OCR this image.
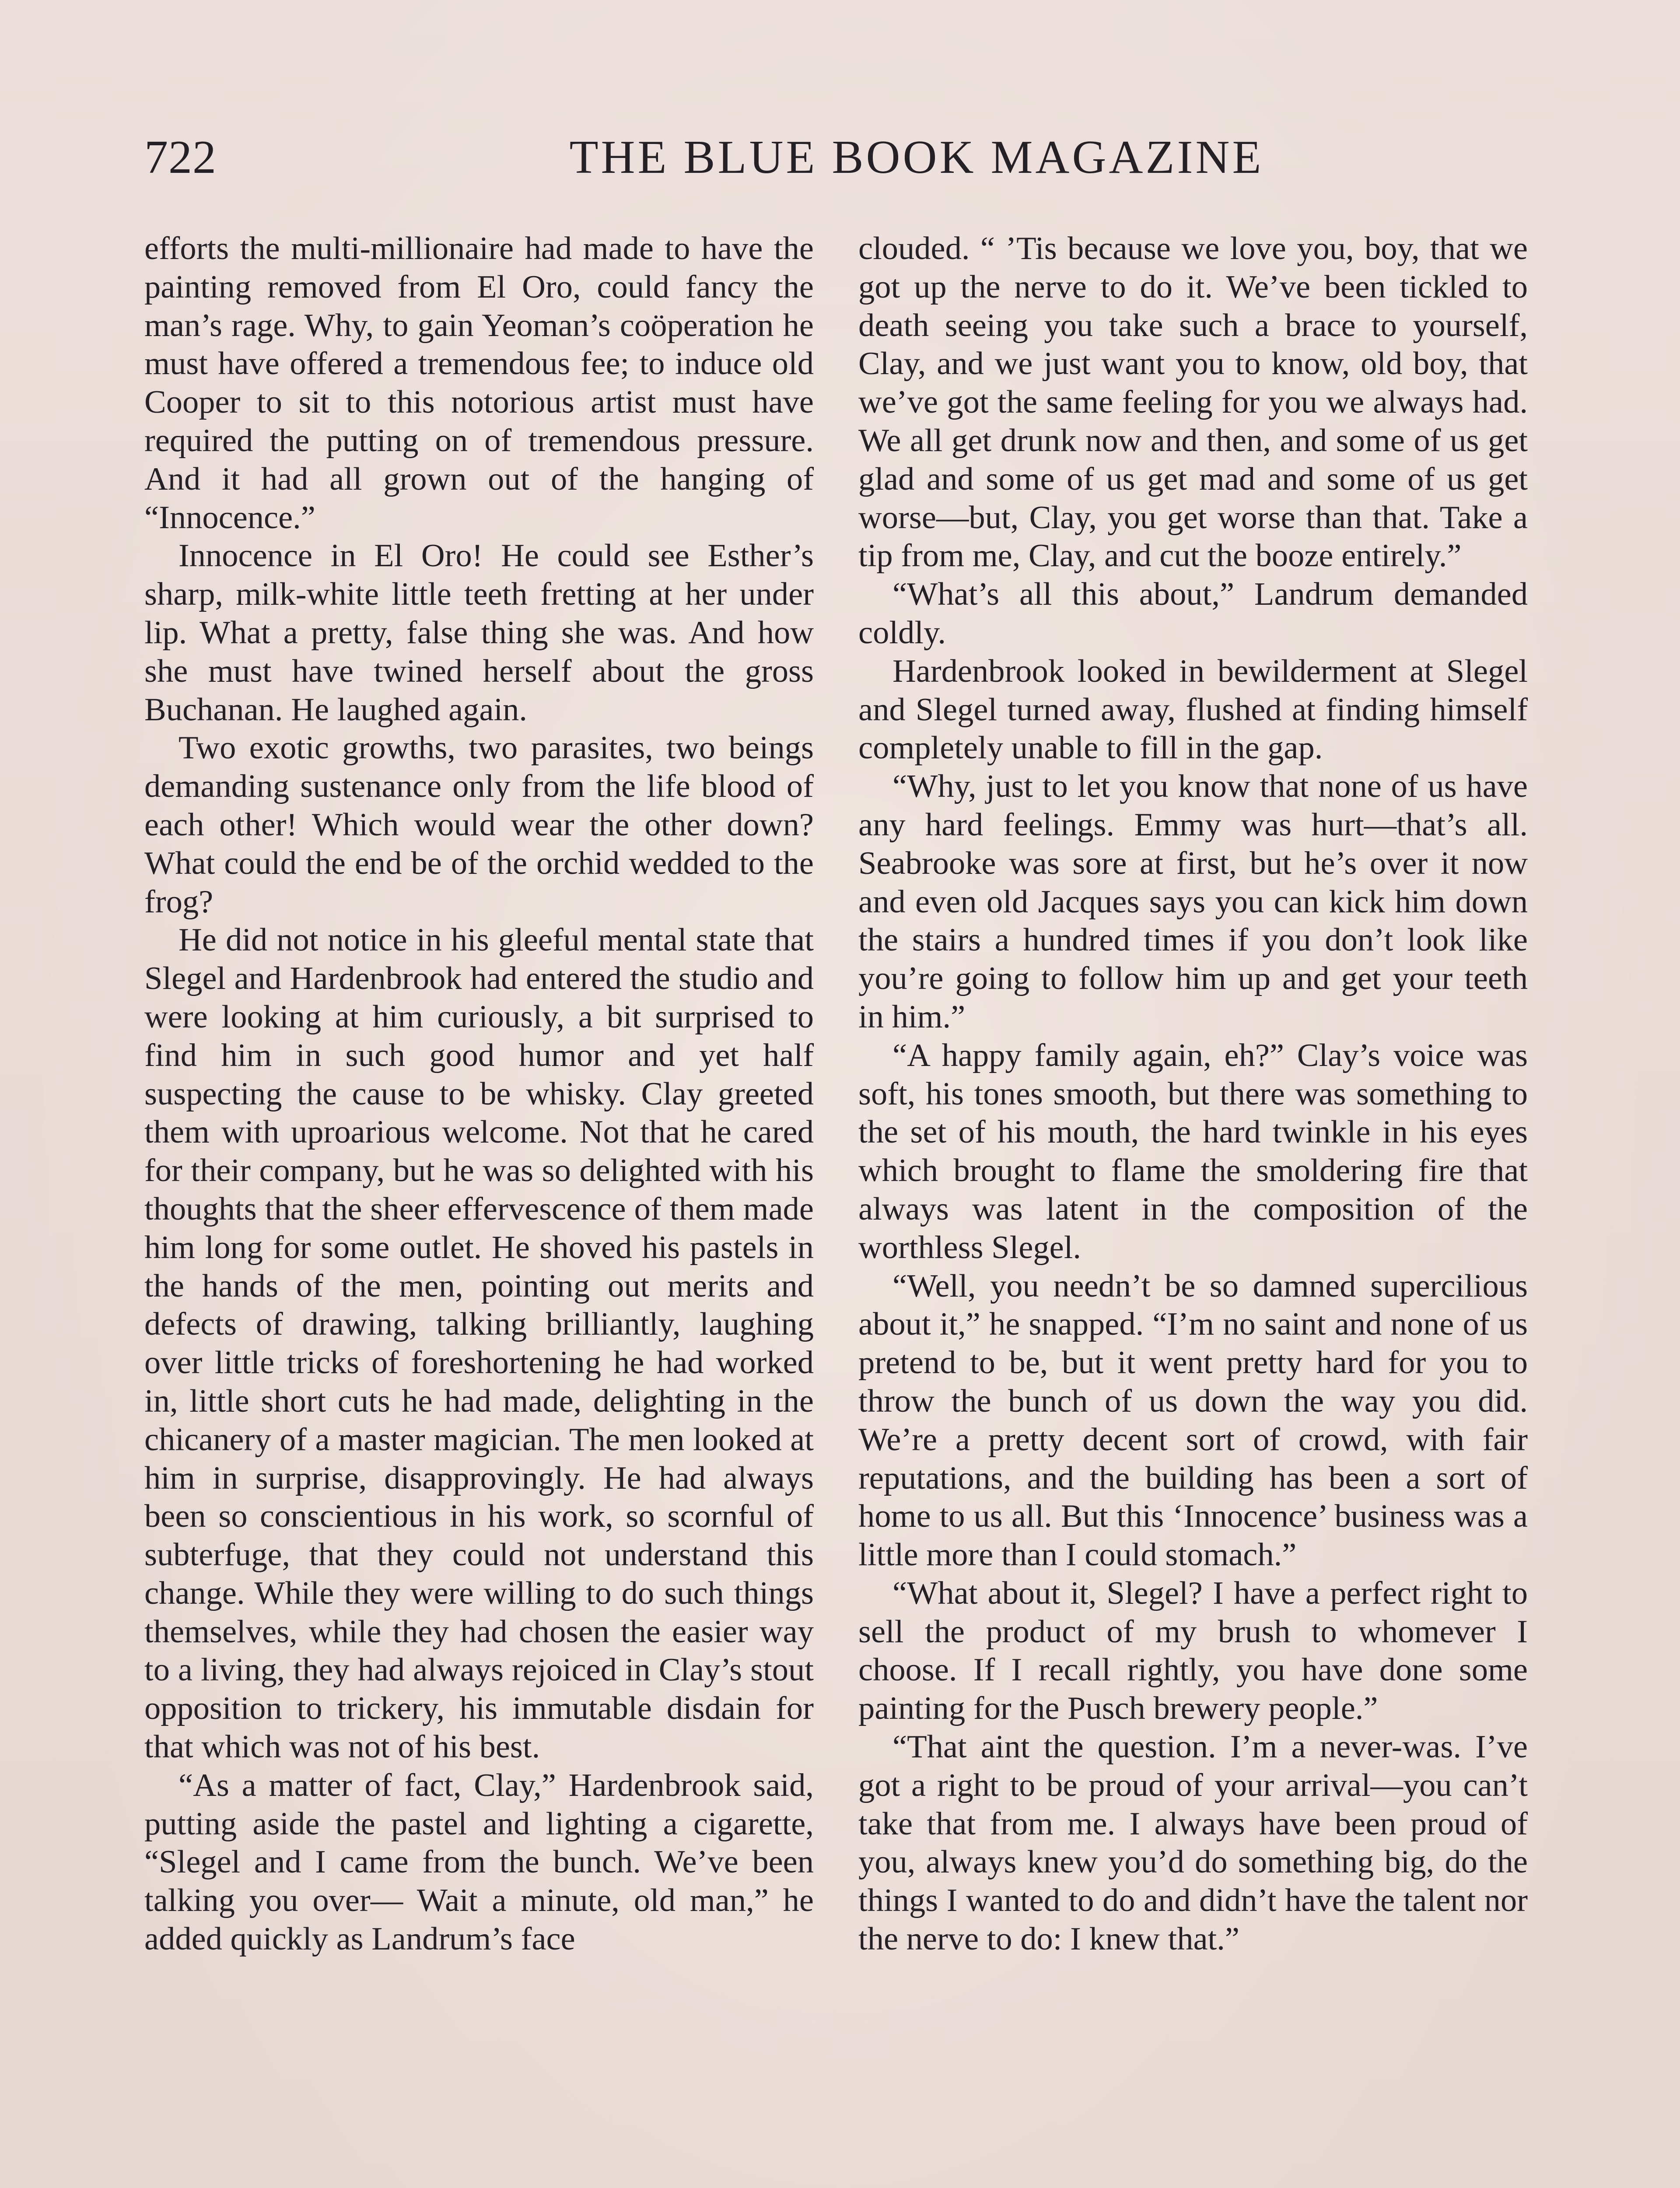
722	THE BLUE BOOK MAGAZINE

efforts the multi-millionaire had made to have the painting removed from El Oro, could fancy the man’s rage. Why, to gain Yeoman’s coöperation he must have offered a tremendous fee; to induce old Cooper to sit to this notorious artist must have required the putting on of tremendous pressure. And it had all grown out of the hanging of “Innocence.”

Innocence in El Oro! He could see Esther’s sharp, milk-white little teeth fretting at her under lip. What a pretty, false thing she was. And how she must have twined herself about the gross Buchanan. He laughed again.

Two exotic growths, two parasites, two beings demanding sustenance only from the life blood of each other! Which would wear the other down? What could the end be of the orchid wedded to the frog?

He did not notice in his gleeful mental state that Slegel and Hardenbrook had entered the studio and were looking at him curiously, a bit surprised to find him in such good humor and yet half suspecting the cause to be whisky. Clay greeted them with uproarious welcome. Not that he cared for their company, but he was so delighted with his thoughts that the sheer effervescence of them made him long for some outlet. He shoved his pastels in the hands of the men, pointing out merits and defects of drawing, talking brilliantly, laughing over little tricks of foreshortening he had worked in, little short cuts he had made, delighting in the chicanery of a master magician. The men looked at him in surprise, disapprovingly. He had always been so conscientious in his work, so scornful of subterfuge, that they could not understand this change. While they were willing to do such things themselves, while they had chosen the easier way to a living, they had always rejoiced in Clay’s stout opposition to trickery, his immutable disdain for that which was not of his best.

“As a matter of fact, Clay,” Hardenbrook said, putting aside the pastel and lighting a cigarette, “Slegel and I came from the bunch. We’ve been talking you over— Wait a minute, old man,” he added quickly as Landrum’s face

clouded. “ ’Tis because we love you, boy, that we got up the nerve to do it. We’ve been tickled to death seeing you take such a brace to yourself, Clay, and we just want you to know, old boy, that we’ve got the same feeling for you we always had. We all get drunk now and then, and some of us get glad and some of us get mad and some of us get worse—but, Clay, you get worse than that. Take a tip from me, Clay, and cut the booze entirely.”

“What’s all this about,” Landrum demanded coldly.

Hardenbrook looked in bewilderment at Slegel and Slegel turned away, flushed at finding himself completely unable to fill in the gap.

“Why, just to let you know that none of us have any hard feelings. Emmy was hurt—that’s all. Seabrooke was sore at first, but he’s over it now and even old Jacques says you can kick him down the stairs a hundred times if you don’t look like you’re going to follow him up and get your teeth in him.”

“A happy family again, eh?” Clay’s voice was soft, his tones smooth, but there was something to the set of his mouth, the hard twinkle in his eyes which brought to flame the smoldering fire that always was latent in the composition of the worthless Slegel.

“Well, you needn’t be so damned supercilious about it,” he snapped. “I’m no saint and none of us pretend to be, but it went pretty hard for you to throw the bunch of us down the way you did. We’re a pretty decent sort of crowd, with fair reputations, and the building has been a sort of home to us all. But this ‘Innocence’ business was a little more than I could stomach.”

“What about it, Slegel? I have a perfect right to sell the product of my brush to whomever I choose. If I recall rightly, you have done some painting for the Pusch brewery people.”

“That aint the question. I’m a never-was. I’ve got a right to be proud of your arrival—you can’t take that from me. I always have been proud of you, always knew you’d do something big, do the things I wanted to do and didn’t have the talent nor the nerve to do: I knew that.”
